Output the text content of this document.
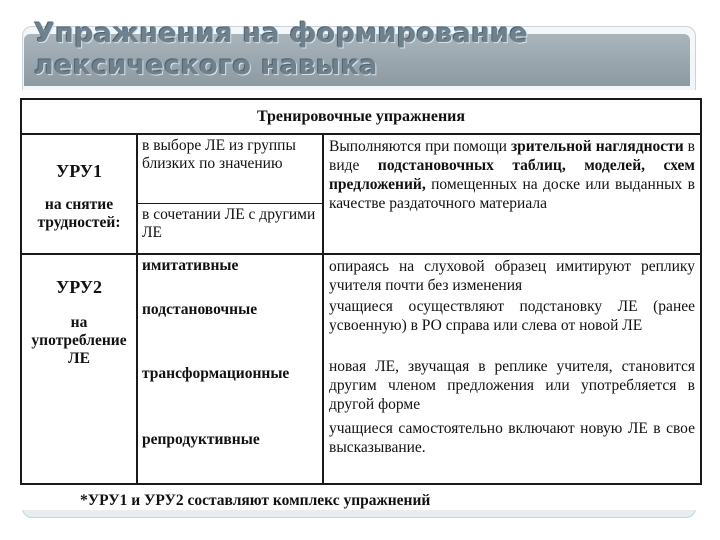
Упражнения на формирование
лексического навыка
Тренировочные упражнения
УРУ1
на снятие трудностей:
в выборе ЛЕ из группы близких по значению
в сочетании ЛЕ с другими ЛЕ
Выполняются при помощи зрительной наглядности в виде подстановочных таблиц, моделей, схем предложений, помещенных на доске или выданных в качестве раздаточного материала
УРУ2
на употребление ЛЕ
имитативные
подстановочные
трансформационные
репродуктивные
опираясь на слуховой образец имитируют реплику учителя почти без изменения
учащиеся осуществляют подстановку ЛЕ (ранее усвоенную) в РО справа или слева от новой ЛЕ
новая ЛЕ, звучащая в реплике учителя, становится другим членом предложения или употребляется в другой форме
учащиеся самостоятельно включают новую ЛЕ в свое высказывание.
*УРУ1 и УРУ2 составляют комплекс упражнений
